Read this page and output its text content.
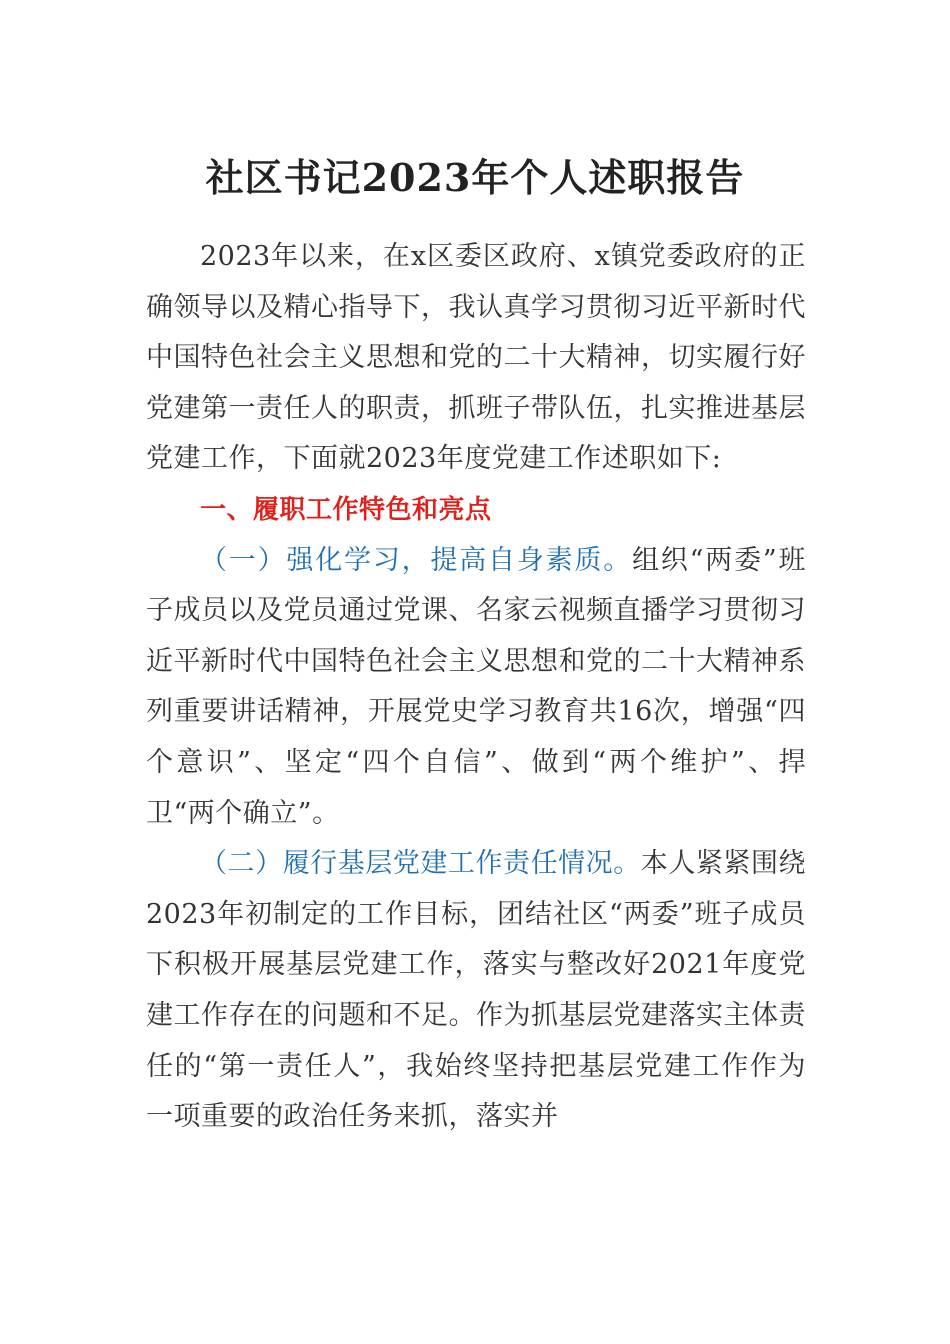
社区书记2023年个人述职报告

2023年以来，在x区委区政府、x镇党委政府的正确领导以及精心指导下，我认真学习贯彻习近平新时代中国特色社会主义思想和党的二十大精神，切实履行好党建第一责任人的职责，抓班子带队伍，扎实推进基层党建工作，下面就2023年度党建工作述职如下:

一、履职工作特色和亮点

（一）强化学习，提高自身素质。组织“两委”班子成员以及党员通过党课、名家云视频直播学习贯彻习近平新时代中国特色社会主义思想和党的二十大精神系列重要讲话精神，开展党史学习教育共16次，增强“四个意识”、坚定“四个自信”、做到“两个维护”、捍卫“两个确立”。

（二）履行基层党建工作责任情况。本人紧紧围绕2023年初制定的工作目标，团结社区“两委”班子成员下积极开展基层党建工作，落实与整改好2021年度党建工作存在的问题和不足。作为抓基层党建落实主体责任的“第一责任人”，我始终坚持把基层党建工作作为一项重要的政治任务来抓，落实并
